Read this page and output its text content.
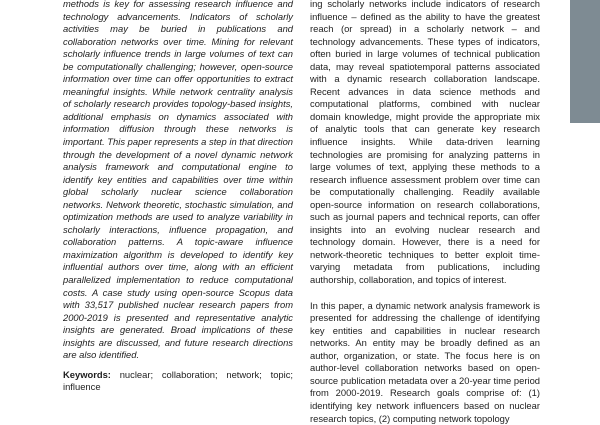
methods is key for assessing research influence and technology advancements. Indicators of scholarly activities may be buried in publications and collaboration networks over time. Mining for relevant scholarly influence trends in large volumes of text can be computationally challenging; however, open-source information over time can offer opportunities to extract meaningful insights. While network centrality analysis of scholarly research provides topology-based insights, additional emphasis on dynamics associated with information diffusion through these networks is important. This paper represents a step in that direction through the development of a novel dynamic network analysis framework and computational engine to identify key entities and capabilities over time within global scholarly nuclear science collaboration networks. Network theoretic, stochastic simulation, and optimization methods are used to analyze variability in scholarly interactions, influence propagation, and collaboration patterns. A topic-aware influence maximization algorithm is developed to identify key influential authors over time, along with an efficient parallelized implementation to reduce computational costs. A case study using open-source Scopus data with 33,517 published nuclear research papers from 2000-2019 is presented and representative analytic insights are generated. Broad implications of these insights are discussed, and future research directions are also identified.

Keywords: nuclear; collaboration; network; topic; influence

ing scholarly networks include indicators of research influence – defined as the ability to have the greatest reach (or spread) in a scholarly network – and technology advancements. These types of indicators, often buried in large volumes of technical publication data, may reveal spatiotemporal patterns associated with a dynamic research collaboration landscape. Recent advances in data science methods and computational platforms, combined with nuclear domain knowledge, might provide the appropriate mix of analytic tools that can generate key research influence insights. While data-driven learning technologies are promising for analyzing patterns in large volumes of text, applying these methods to a research influence assessment problem over time can be computationally challenging. Readily available open-source information on research collaborations, such as journal papers and technical reports, can offer insights into an evolving nuclear research and technology domain. However, there is a need for network-theoretic techniques to better exploit time-varying metadata from publications, including authorship, collaboration, and topics of interest.

In this paper, a dynamic network analysis framework is presented for addressing the challenge of identifying key entities and capabilities in nuclear research networks. An entity may be broadly defined as an author, organization, or state. The focus here is on author-level collaboration networks based on open-source publication metadata over a 20-year time period from 2000-2019. Research goals comprise of: (1) identifying key network influencers based on nuclear research topics, (2) computing network topology
